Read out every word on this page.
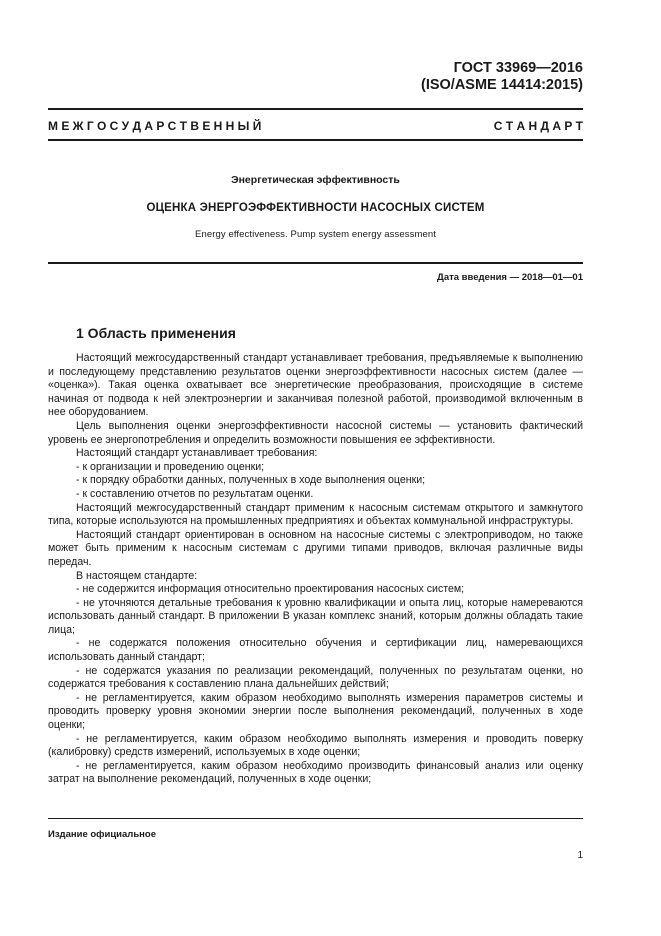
ГОСТ 33969—2016
(ISO/ASME 14414:2015)
М Е Ж Г О С У Д А Р С Т В Е Н Н Ы Й	С Т А Н Д А Р Т
Энергетическая эффективность
ОЦЕНКА ЭНЕРГОЭФФЕКТИВНОСТИ НАСОСНЫХ СИСТЕМ
Energy effectiveness. Pump system energy assessment
Дата введения — 2018—01—01
1 Область применения

Настоящий межгосударственный стандарт устанавливает требования, предъявляемые к выполнению и последующему представлению результатов оценки энергоэффективности насосных систем (далее — «оценка»). Такая оценка охватывает все энергетические преобразования, происходящие в системе начиная от подвода к ней электроэнергии и заканчивая полезной работой, производимой включенным в нее оборудованием.

Цель выполнения оценки энергоэффективности насосной системы — установить фактический уровень ее энергопотребления и определить возможности повышения ее эффективности.

Настоящий стандарт устанавливает требования:

- к организации и проведению оценки;

- к порядку обработки данных, полученных в ходе выполнения оценки;

- к составлению отчетов по результатам оценки.

Настоящий межгосударственный стандарт применим к насосным системам открытого и замкнутого типа, которые используются на промышленных предприятиях и объектах коммунальной инфраструктуры.

Настоящий стандарт ориентирован в основном на насосные системы с электроприводом, но также может быть применим к насосным системам с другими типами приводов, включая различные виды передач.

В настоящем стандарте:

- не содержится информация относительно проектирования насосных систем;

- не уточняются детальные требования к уровню квалификации и опыта лиц, которые намереваются использовать данный стандарт. В приложении В указан комплекс знаний, которым должны обладать такие лица;

- не содержатся положения относительно обучения и сертификации лиц, намеревающихся использовать данный стандарт;

- не содержатся указания по реализации рекомендаций, полученных по результатам оценки, но содержатся требования к составлению плана дальнейших действий;

- не регламентируется, каким образом необходимо выполнять измерения параметров системы и проводить проверку уровня экономии энергии после выполнения рекомендаций, полученных в ходе оценки;

- не регламентируется, каким образом необходимо выполнять измерения и проводить поверку (калибровку) средств измерений, используемых в ходе оценки;

- не регламентируется, каким образом необходимо производить финансовый анализ или оценку затрат на выполнение рекомендаций, полученных в ходе оценки;

Издание официальное
1
